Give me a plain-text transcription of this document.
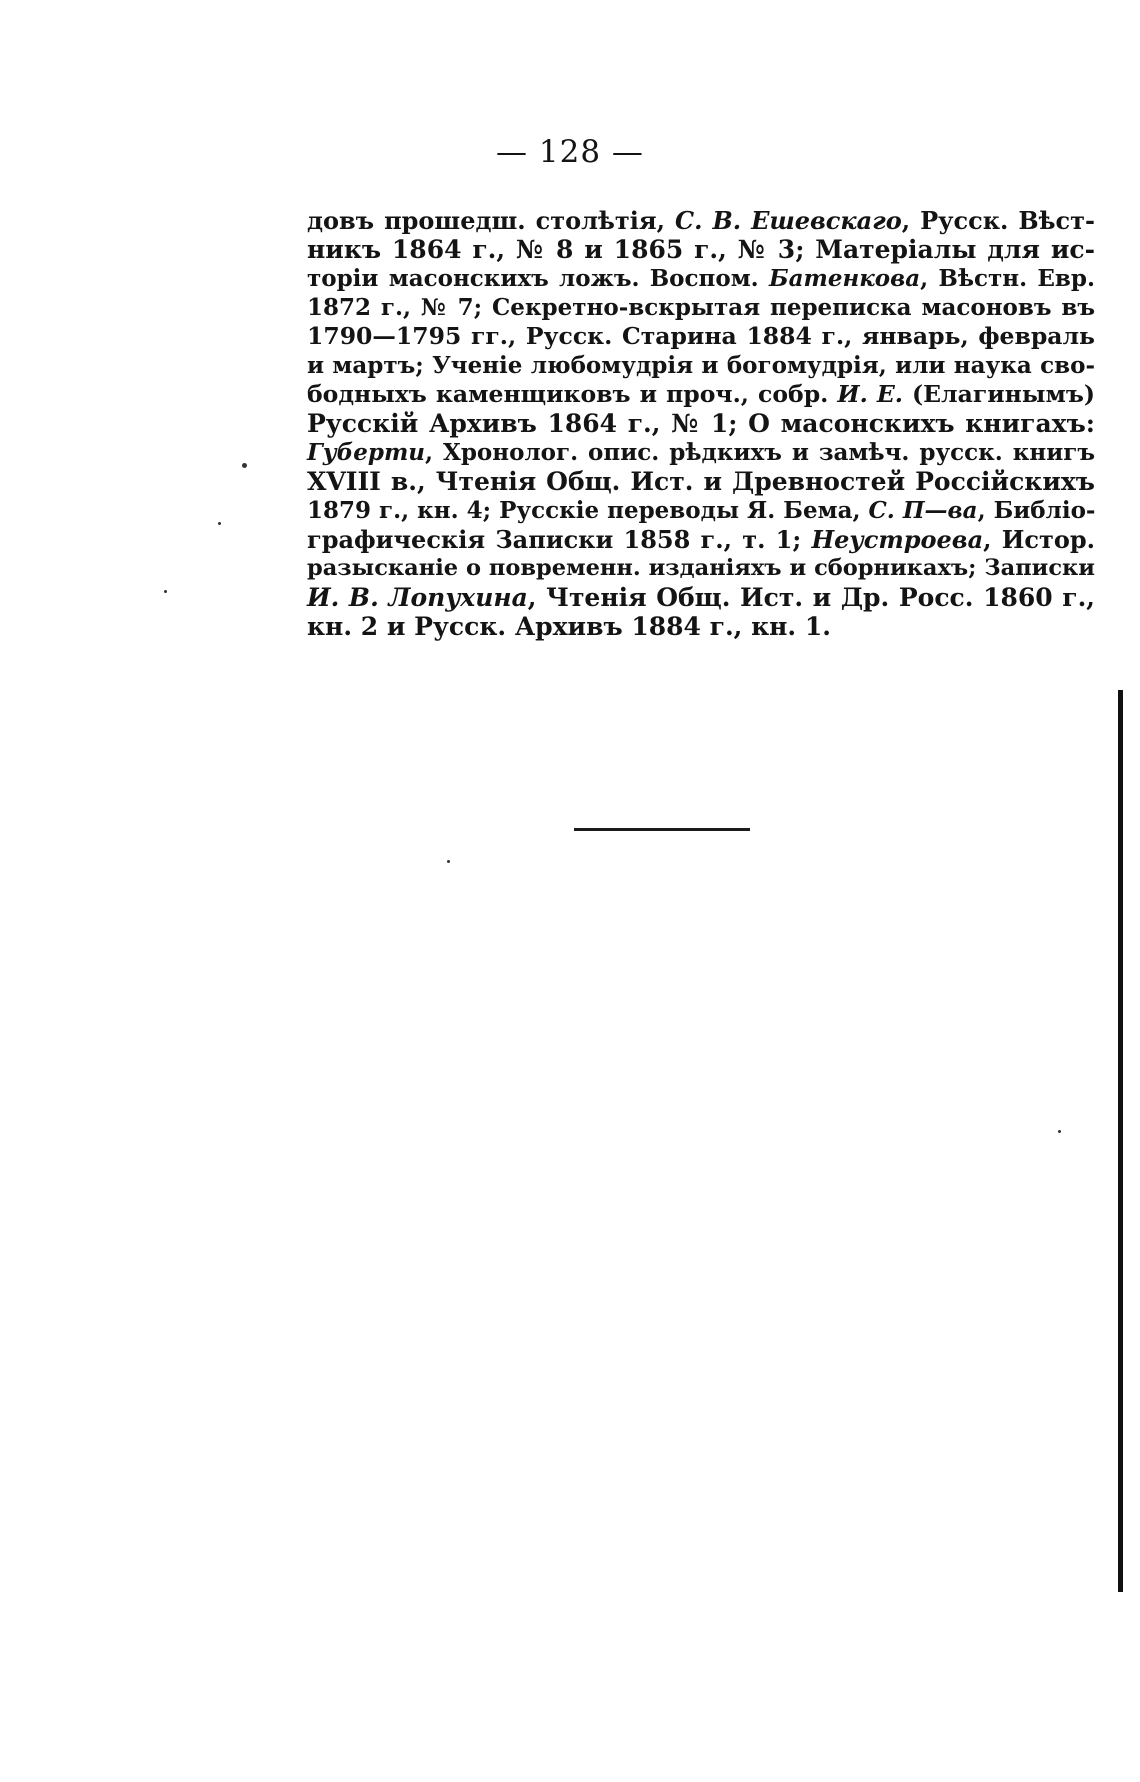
— 128 —
довъ прошедш. столѣтія, С. В. Ешевскаго, Русск. Вѣст-
никъ 1864 г., № 8 и 1865 г., № 3; Матеріалы для ис-
торіи масонскихъ ложъ. Воспом. Батенкова, Вѣстн. Евр.
1872 г., № 7; Секретно-вскрытая переписка масоновъ въ
1790—1795 гг., Русск. Старина 1884 г., январь, февраль
и мартъ; Ученіе любомудрія и богомудрія, или наука сво-
бодныхъ каменщиковъ и проч., собр. И. Е. (Елагинымъ)
Русскій Архивъ 1864 г., № 1; О масонскихъ книгахъ:
Губерти, Хронолог. опис. рѣдкихъ и замѣч. русск. книгъ
XVIII в., Чтенія Общ. Ист. и Древностей Россійскихъ
1879 г., кн. 4; Русскіе переводы Я. Бема, С. П—ва, Библіо-
графическія Записки 1858 г., т. 1; Неустроева, Истор.
разысканіе о повременн. изданіяхъ и сборникахъ; Записки
И. В. Лопухина, Чтенія Общ. Ист. и Др. Росс. 1860 г.,
кн. 2 и Русск. Архивъ 1884 г., кн. 1.
